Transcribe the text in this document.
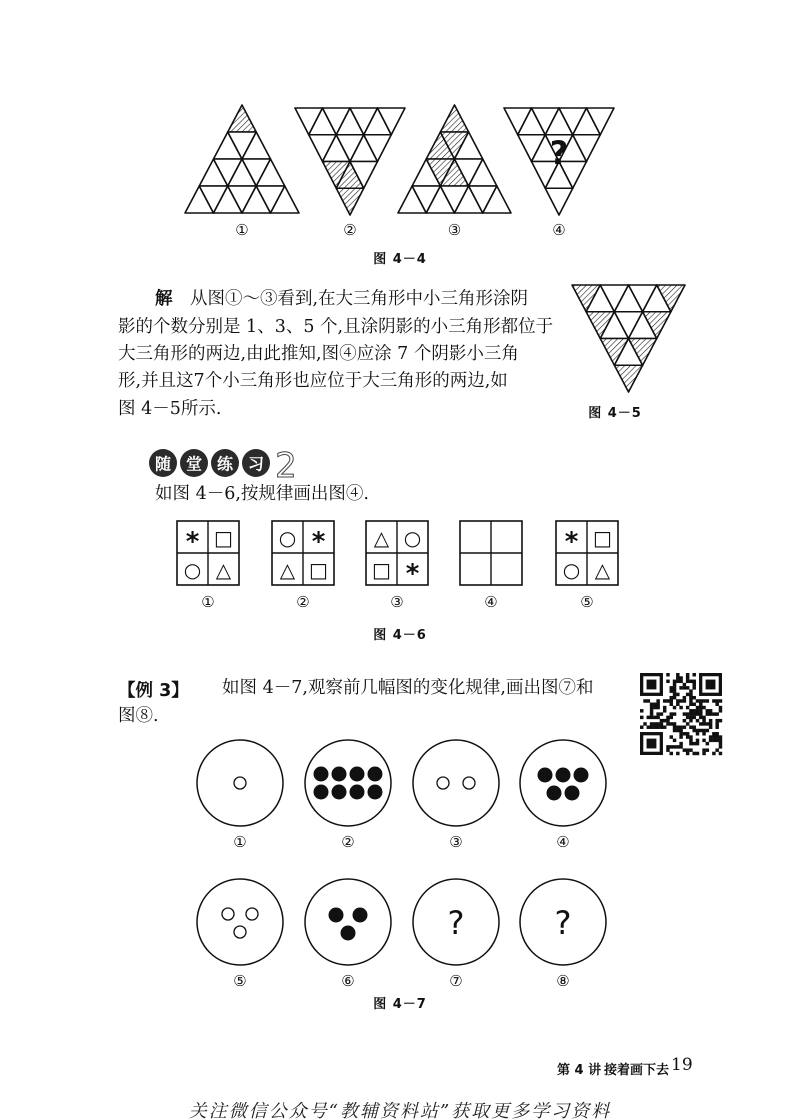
?
随 堂 练 习 2
* □
○ △
○ *
△ □
△ ○
□ *
* □
○ △
?	?
解 从图①～③看到,在大三角形中小三角形涂阴
影的个数分别是 1、3、5 个,且涂阴影的小三角形都位于
大三角形的两边,由此推知,图④应涂 7 个阴影小三角
形,并且这7个小三角形也应位于大三角形的两边,如
图 4－5所示.
如图 4－6,按规律画出图④.
【例 3】 如图 4－7,观察前几幅图的变化规律,画出图⑦和
图⑧.
第 4 讲 接着画下去 19
关注微信公众号“教辅资料站”获取更多学习资料
①	②	③	④
图 4－4
图 4－5
①	②	③	④	⑤
图 4－6
①	②	③	④
⑤	⑥	⑦	⑧
图 4－7
